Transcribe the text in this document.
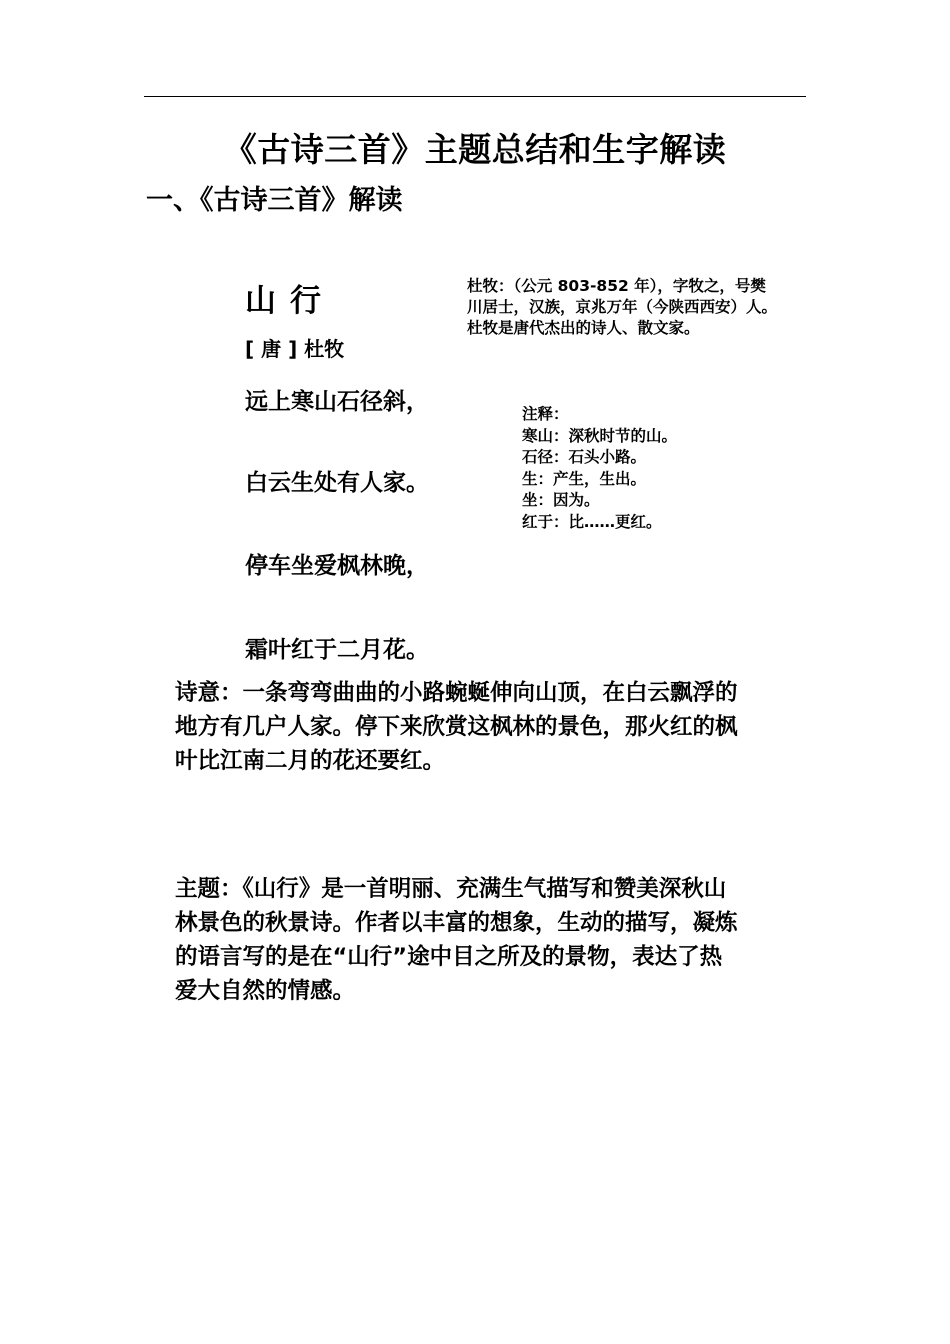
《古诗三首》主题总结和生字解读
一、《古诗三首》解读
山行
[ 唐 ] 杜牧
远上寒山石径斜，
白云生处有人家。
停车坐爱枫林晚，
霜叶红于二月花。
杜牧：（公元 803-852 年），字牧之，号樊
川居士，汉族，京兆万年（今陕西西安）人。
杜牧是唐代杰出的诗人、散文家。
注释：
寒山：深秋时节的山。
石径：石头小路。
生：产生，生出。
坐：因为。
红于：比……更红。
诗意：一条弯弯曲曲的小路蜿蜒伸向山顶，在白云飘浮的
地方有几户人家。停下来欣赏这枫林的景色，那火红的枫
叶比江南二月的花还要红。
主题：《山行》是一首明丽、充满生气描写和赞美深秋山
林景色的秋景诗。作者以丰富的想象，生动的描写，凝炼
的语言写的是在“山行”途中目之所及的景物，表达了热
爱大自然的情感。
